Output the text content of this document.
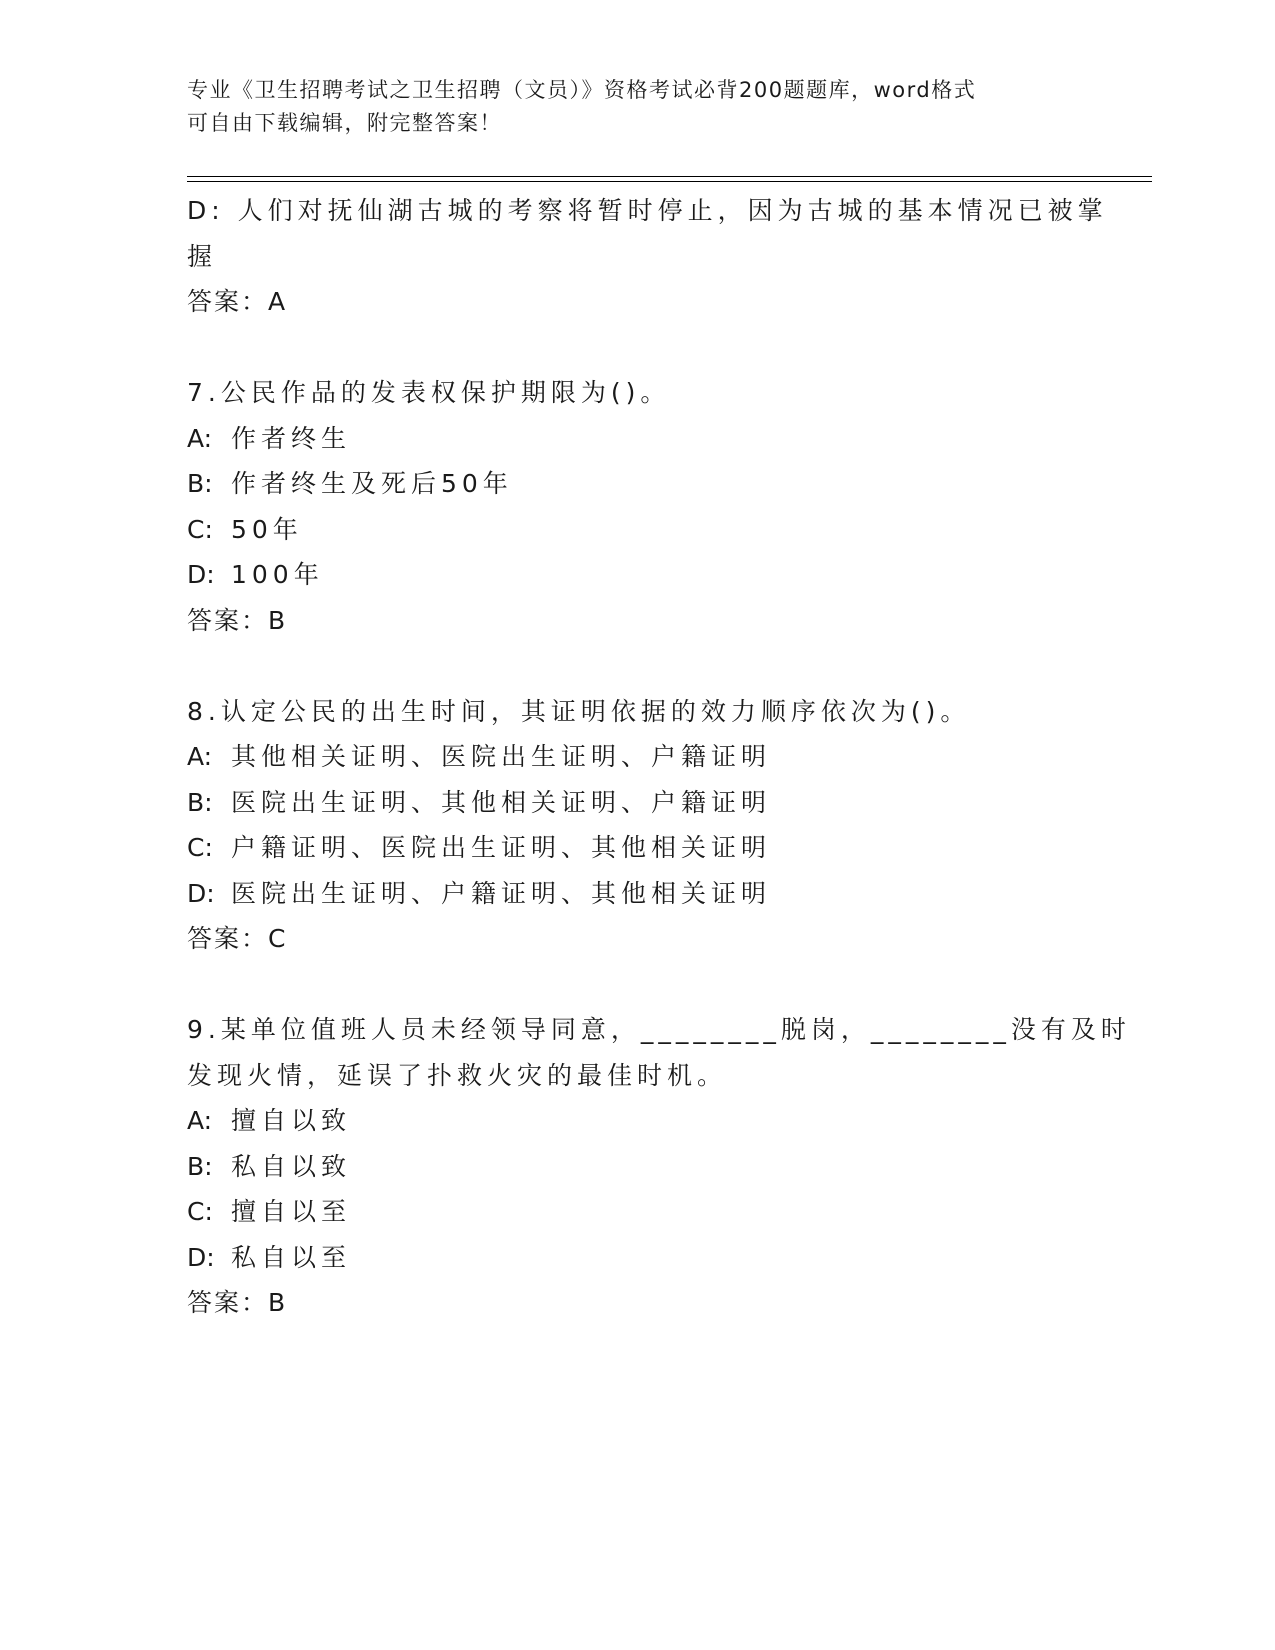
专业《卫生招聘考试之卫生招聘（文员）》资格考试必背200题题库，word格式
可自由下载编辑，附完整答案！
D: 人们对抚仙湖古城的考察将暂时停止，因为古城的基本情况已被掌
握
答案：A
7.公民作品的发表权保护期限为()。
A: 作者终生
B: 作者终生及死后50年
C: 50年
D: 100年
答案：B
8.认定公民的出生时间，其证明依据的效力顺序依次为()。
A: 其他相关证明、医院出生证明、户籍证明
B: 医院出生证明、其他相关证明、户籍证明
C: 户籍证明、医院出生证明、其他相关证明
D: 医院出生证明、户籍证明、其他相关证明
答案：C
9.某单位值班人员未经领导同意，________脱岗，________没有及时
发现火情，延误了扑救火灾的最佳时机。
A: 擅自以致
B: 私自以致
C: 擅自以至
D: 私自以至
答案：B
